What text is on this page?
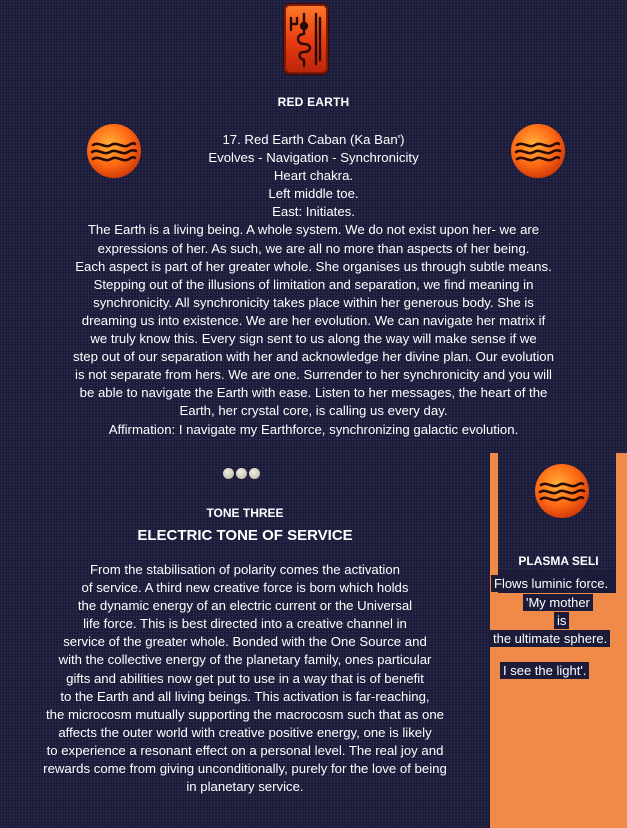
RED EARTH
17. Red Earth Caban (Ka Ban')
Evolves - Navigation - Synchronicity
Heart chakra.
Left middle toe.
East: Initiates.
The Earth is a living being. A whole system. We do not exist upon her- we are
expressions of her. As such, we are all no more than aspects of her being.
Each aspect is part of her greater whole. She organises us through subtle means.
Stepping out of the illusions of limitation and separation, we find meaning in
synchronicity. All synchronicity takes place within her generous body. She is
dreaming us into existence. We are her evolution. We can navigate her matrix if
we truly know this. Every sign sent to us along the way will make sense if we
step out of our separation with her and acknowledge her divine plan. Our evolution
is not separate from hers. We are one. Surrender to her synchronicity and you will
be able to navigate the Earth with ease. Listen to her messages, the heart of the
Earth, her crystal core, is calling us every day.
Affirmation: I navigate my Earthforce, synchronizing galactic evolution.
TONE THREE
ELECTRIC TONE OF SERVICE
From the stabilisation of polarity comes the activation
of service. A third new creative force is born which holds
the dynamic energy of an electric current or the Universal
life force. This is best directed into a creative channel in
service of the greater whole. Bonded with the One Source and
with the collective energy of the planetary family, ones particular
gifts and abilities now get put to use in a way that is of benefit
to the Earth and all living beings. This activation is far-reaching,
the microcosm mutually supporting the macrocosm such that as one
affects the outer world with creative positive energy, one is likely
to experience a resonant effect on a personal level. The real joy and
rewards come from giving unconditionally, purely for the love of being
in planetary service.
PLASMA SELI
Flows luminic force.
'My mother
is
the ultimate sphere.
I see the light'.
